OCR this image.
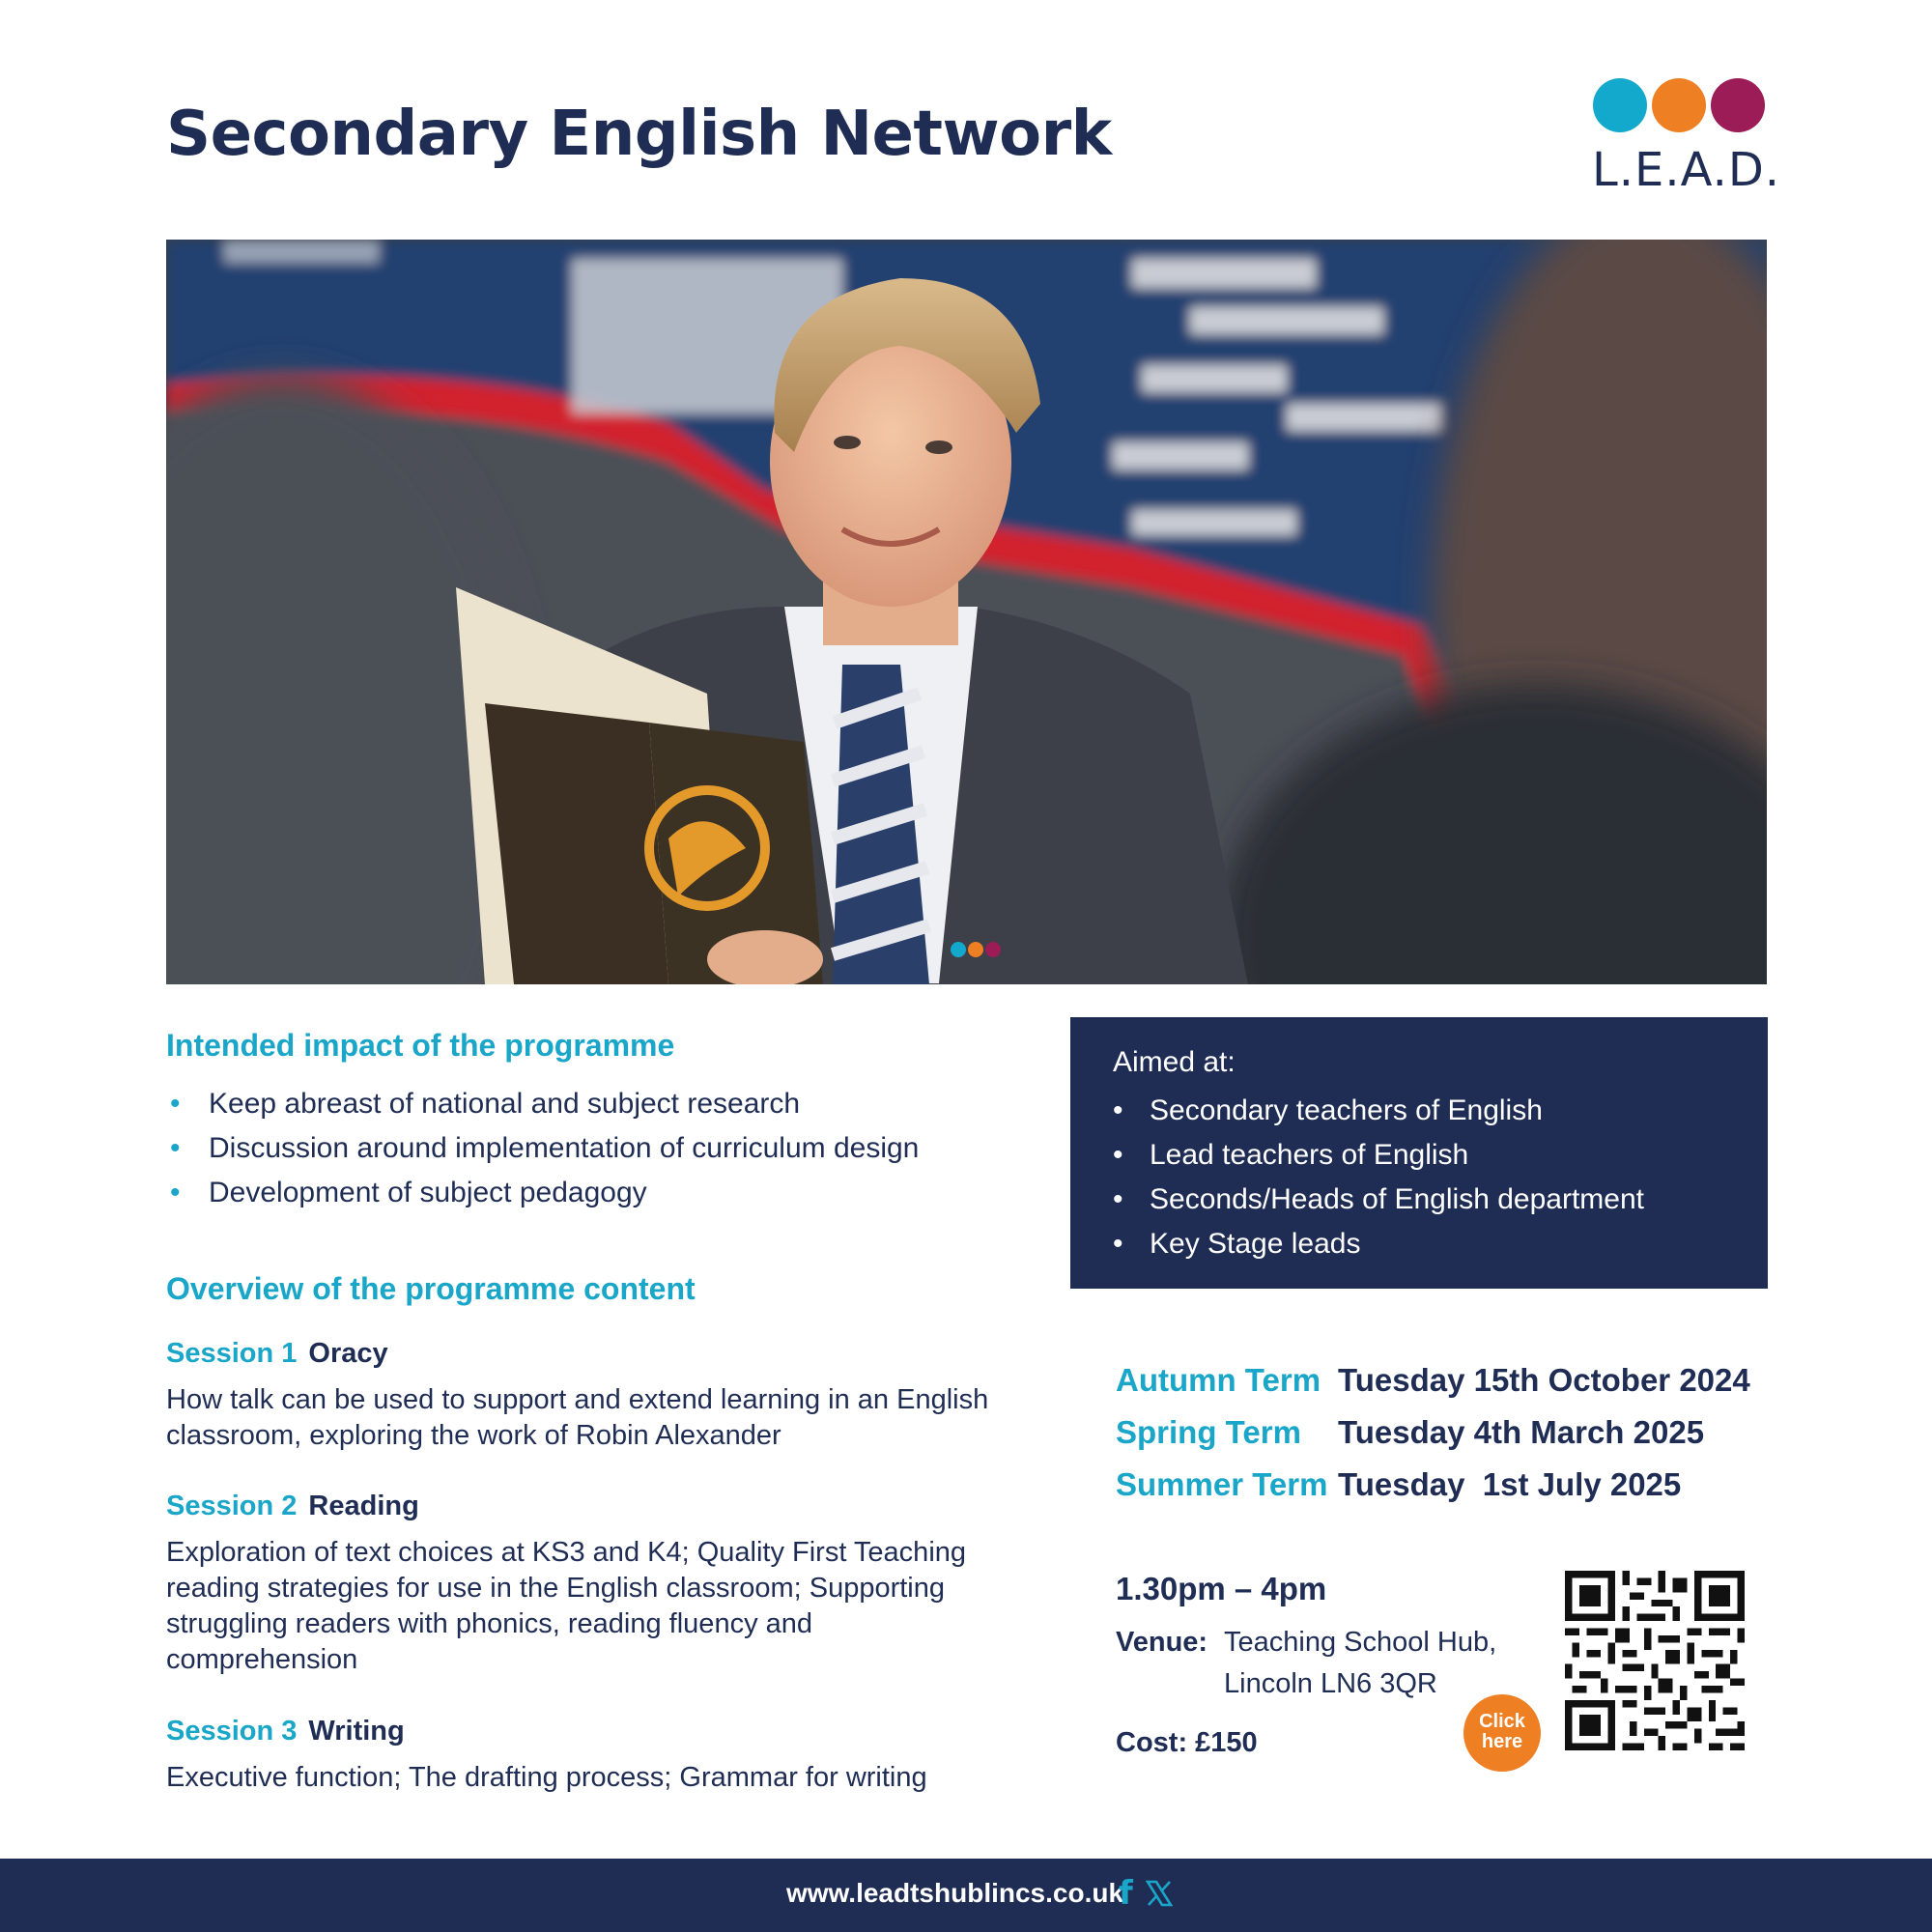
Secondary English Network	L.E.A.D.
Intended impact of the programme
• Keep abreast of national and subject research
• Discussion around implementation of curriculum design
• Development of subject pedagogy
Aimed at:
• Secondary teachers of English
• Lead teachers of English
• Seconds/Heads of English department
• Key Stage leads
Overview of the programme content
Session 1 Oracy

How talk can be used to support and extend learning in an English classroom, exploring the work of Robin Alexander

Session 2 Reading

Exploration of text choices at KS3 and K4; Quality First Teaching reading strategies for use in the English classroom; Supporting struggling readers with phonics, reading fluency and comprehension

Session 3 Writing

Executive function; The drafting process; Grammar for writing

Autumn Term Tuesday 15th October 2024
Spring Term Tuesday 4th March 2025
Summer Term Tuesday  1st July 2025
1.30pm – 4pm
Venue: Teaching School Hub,
Lincoln LN6 3QR
Cost: £150
Click
here
www.leadtshublincs.co.uk
f
